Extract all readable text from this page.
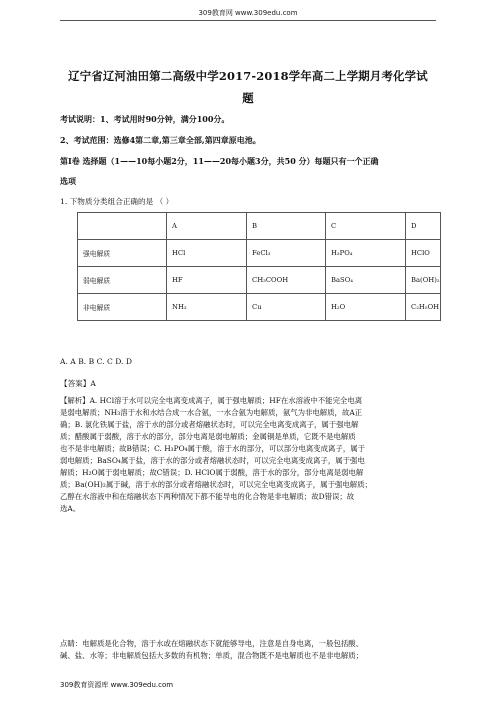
309教育网 www.309edu.com
辽宁省辽河油田第二高级中学2017-2018学年高二上学期月考化学试
题
考试说明：1、考试用时90分钟，满分100分。
2、考试范围：选修4第二章,第三章全部,第四章原电池。
第Ⅰ卷 选择题（1——10每小题2分，11——20每小题3分，共50 分）每题只有一个正确
选项
1. 下物质分类组合正确的是 （ ）
	A	B	C	D
强电解质	HCl	FeCl₃	H₃PO₄	HClO
弱电解质	HF	CH₃COOH	BaSO₄	Ba(OH)₂
非电解质	NH₃	Cu	H₂O	C₂H₅OH
A. A B. B C. C D. D
【答案】A
【解析】A. HCl溶于水可以完全电离变成离子，属于强电解质；HF在水溶液中不能完全电离
是弱电解质；NH₃溶于水和水结合成一水合氨，一水合氨为电解质，氨气为非电解质，故A正
确；B. 氯化铁属于盐，溶于水的部分或者熔融状态时，可以完全电离变成离子，属于强电解
质；醋酸属于弱酸，溶于水的部分，部分电离是弱电解质；金属铜是单质，它既不是电解质
也不是非电解质；故B错误；C. H₃PO₄属于酸，溶于水的部分，可以部分电离变成离子，属于
弱电解质；BaSO₄属于盐，溶于水的部分或者熔融状态时，可以完全电离变成离子，属于强电
解质；H₂O属于弱电解质；故C错误；D. HClO属于弱酸，溶于水的部分，部分电离是弱电解
质；Ba(OH)₂属于碱，溶于水的部分或者熔融状态时，可以完全电离变成离子，属于强电解质；
乙醇在水溶液中和在熔融状态下两种情况下都不能导电的化合物是非电解质；故D错误；故
选A。
点睛：电解质是化合物，溶于水或在熔融状态下就能够导电，注意是自身电离，一般包括酸、
碱、盐、水等；非电解质包括大多数的有机物；单质，混合物既不是电解质也不是非电解质；
309教育资源库 www.309edu.com
